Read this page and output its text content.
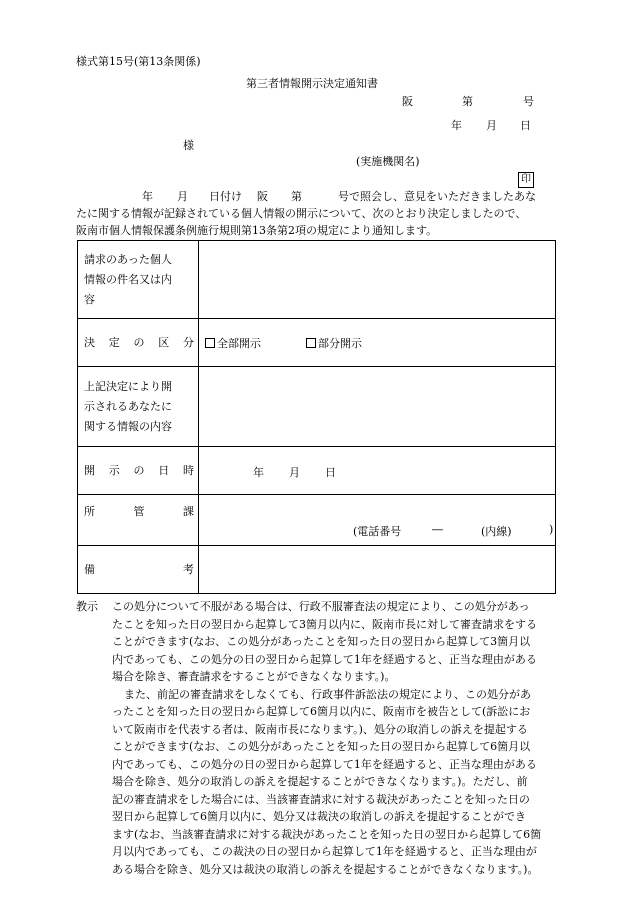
様式第15号(第13条関係)
第三者情報開示決定通知書
阪	第	号
年 月 日
様
(実施機関名)
印
年 月 日付け 阪 第	号で照会し、意見をいただきましたあな
たに関する情報が記録されている個人情報の開示について、次のとおり決定しましたので、
阪南市個人情報保護条例施行規則第13条第2項の規定により通知します。
請求のあった個人
情報の件名又は内
容	

決 定 の 区 分	全部開示 部分開示

上記決定により開
示されるあなたに
関する情報の内容	

開 示 の 日 時	年 月 日

所 管 課	(電話番号 ― (内線) )

備 考	

教示 この処分について不服がある場合は、行政不服審査法の規定により、この処分があっ
たことを知った日の翌日から起算して3箇月以内に、阪南市長に対して審査請求をする
ことができます(なお、この処分があったことを知った日の翌日から起算して3箇月以
内であっても、この処分の日の翌日から起算して1年を経過すると、正当な理由がある
場合を除き、審査請求をすることができなくなります。)。
また、前記の審査請求をしなくても、行政事件訴訟法の規定により、この処分があ
ったことを知った日の翌日から起算して6箇月以内に、阪南市を被告として(訴訟にお
いて阪南市を代表する者は、阪南市長になります。)、処分の取消しの訴えを提起する
ことができます(なお、この処分があったことを知った日の翌日から起算して6箇月以
内であっても、この処分の日の翌日から起算して1年を経過すると、正当な理由がある
場合を除き、処分の取消しの訴えを提起することができなくなります。)。ただし、前
記の審査請求をした場合には、当該審査請求に対する裁決があったことを知った日の
翌日から起算して6箇月以内に、処分又は裁決の取消しの訴えを提起することができ
ます(なお、当該審査請求に対する裁決があったことを知った日の翌日から起算して6箇
月以内であっても、この裁決の日の翌日から起算して1年を経過すると、正当な理由が
ある場合を除き、処分又は裁決の取消しの訴えを提起することができなくなります。)。
